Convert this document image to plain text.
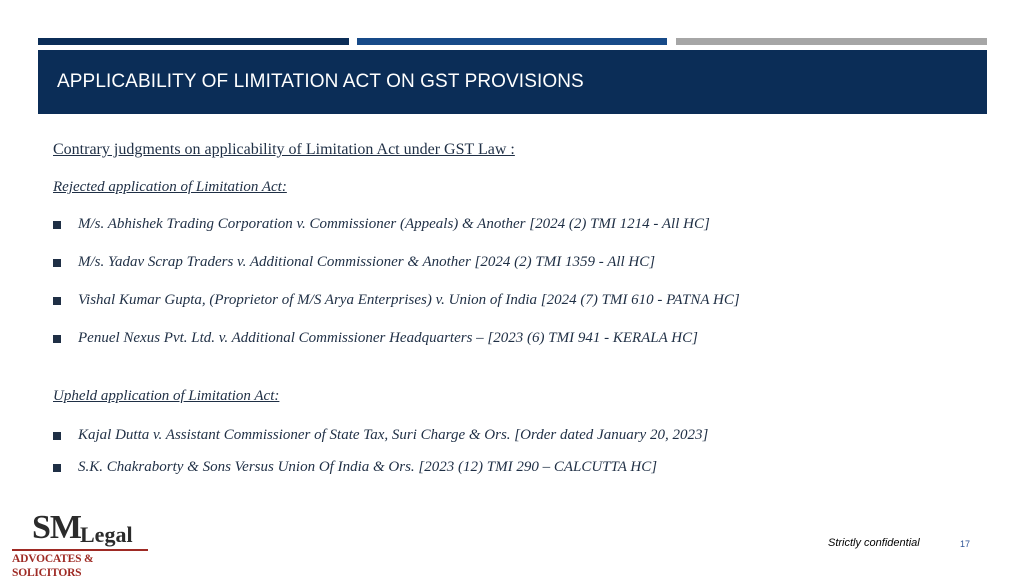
APPLICABILITY OF LIMITATION ACT ON GST PROVISIONS
Contrary judgments on applicability of Limitation Act under GST Law :
Rejected application of Limitation Act:
M/s. Abhishek Trading Corporation v. Commissioner (Appeals) & Another [2024 (2) TMI 1214 - All HC]
M/s. Yadav Scrap Traders v. Additional Commissioner & Another [2024 (2) TMI 1359 - All HC]
Vishal Kumar Gupta, (Proprietor of M/S Arya Enterprises) v. Union of India [2024 (7) TMI 610 - PATNA HC]
Penuel Nexus Pvt. Ltd. v. Additional Commissioner Headquarters – [2023 (6) TMI 941 - KERALA HC]
Upheld application of Limitation Act:
Kajal Dutta v. Assistant Commissioner of State Tax, Suri Charge & Ors. [Order dated January 20, 2023]
S.K. Chakraborty & Sons Versus Union Of India & Ors. [2023 (12) TMI 290 – CALCUTTA HC]
SM Legal
ADVOCATES & SOLICITORS
Strictly confidential	17
